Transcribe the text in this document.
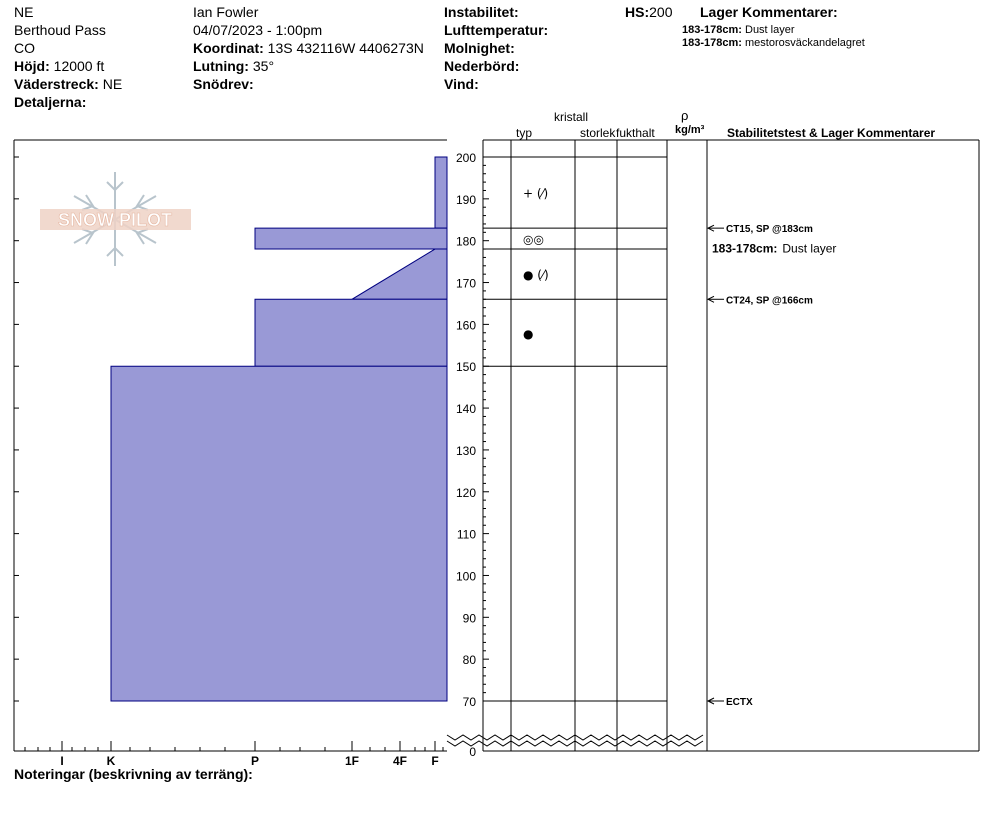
NE
Berthoud Pass
CO
Höjd: 12000 ft
Väderstreck: NE
Detaljerna:
Ian Fowler
04/07/2023 - 1:00pm
Koordinat: 13S 432116W 4406273N
Lutning: 35°
Snödrev:
Instabilitet:
Lufttemperatur:
Molnighet:
Nederbörd:
Vind:
HS:200 Lager Kommentarer:
183-178cm: Dust layer
183-178cm: mestorosväckandelagret
kristall
typ	storlek fukthalt
ρ
kg/m³ Stabilitetstest & Lager Kommentarer
SNOW PILOT
200
190
180
170
160
150
140
130
120
110
100
90
80
70
0
I	K	P	1F	4F F
+ (⁄)
◎◎
● (⁄)
●
CT15, SP @183cm
CT24, SP @166cm
ECTX
183-178cm: Dust layer
Noteringar (beskrivning av terräng):
